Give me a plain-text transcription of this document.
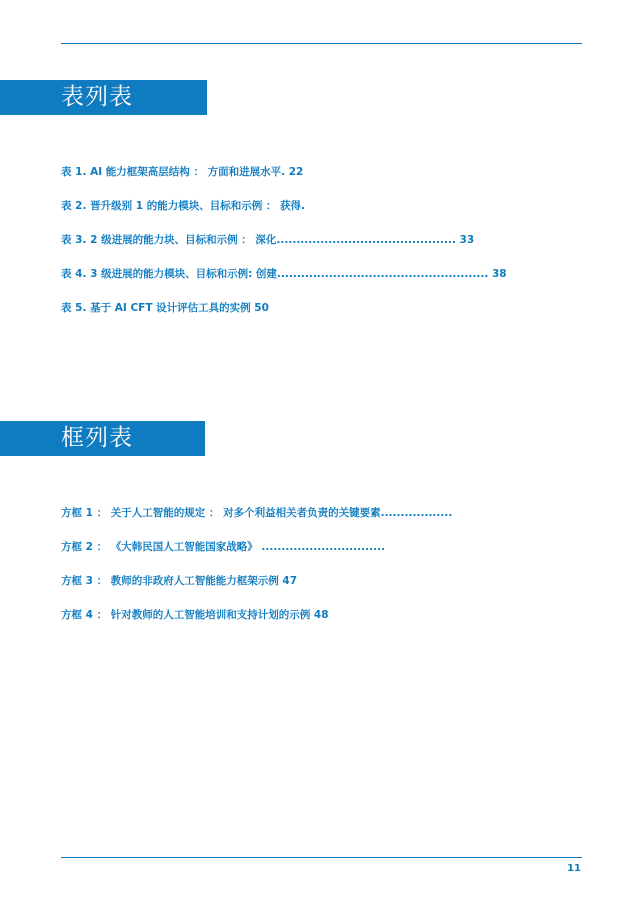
表列表
表 1. AI 能力框架高层结构 ： 方面和进展水平. 22
表 2. 晋升级别 1 的能力模块、目标和示例 ： 获得.
表 3. 2 级进展的能力块、目标和示例 ： 深化............................................. 33
表 4. 3 级进展的能力模块、目标和示例: 创建..................................................... 38
表 5. 基于 AI CFT 设计评估工具的实例 50
框列表
方框 1 ： 关于人工智能的规定 ： 对多个利益相关者负责的关键要素..................
方框 2 ： 《大韩民国人工智能国家战略》 ...............................
方框 3 ： 教师的非政府人工智能能力框架示例 47
方框 4 ： 针对教师的人工智能培训和支持计划的示例 48
11
